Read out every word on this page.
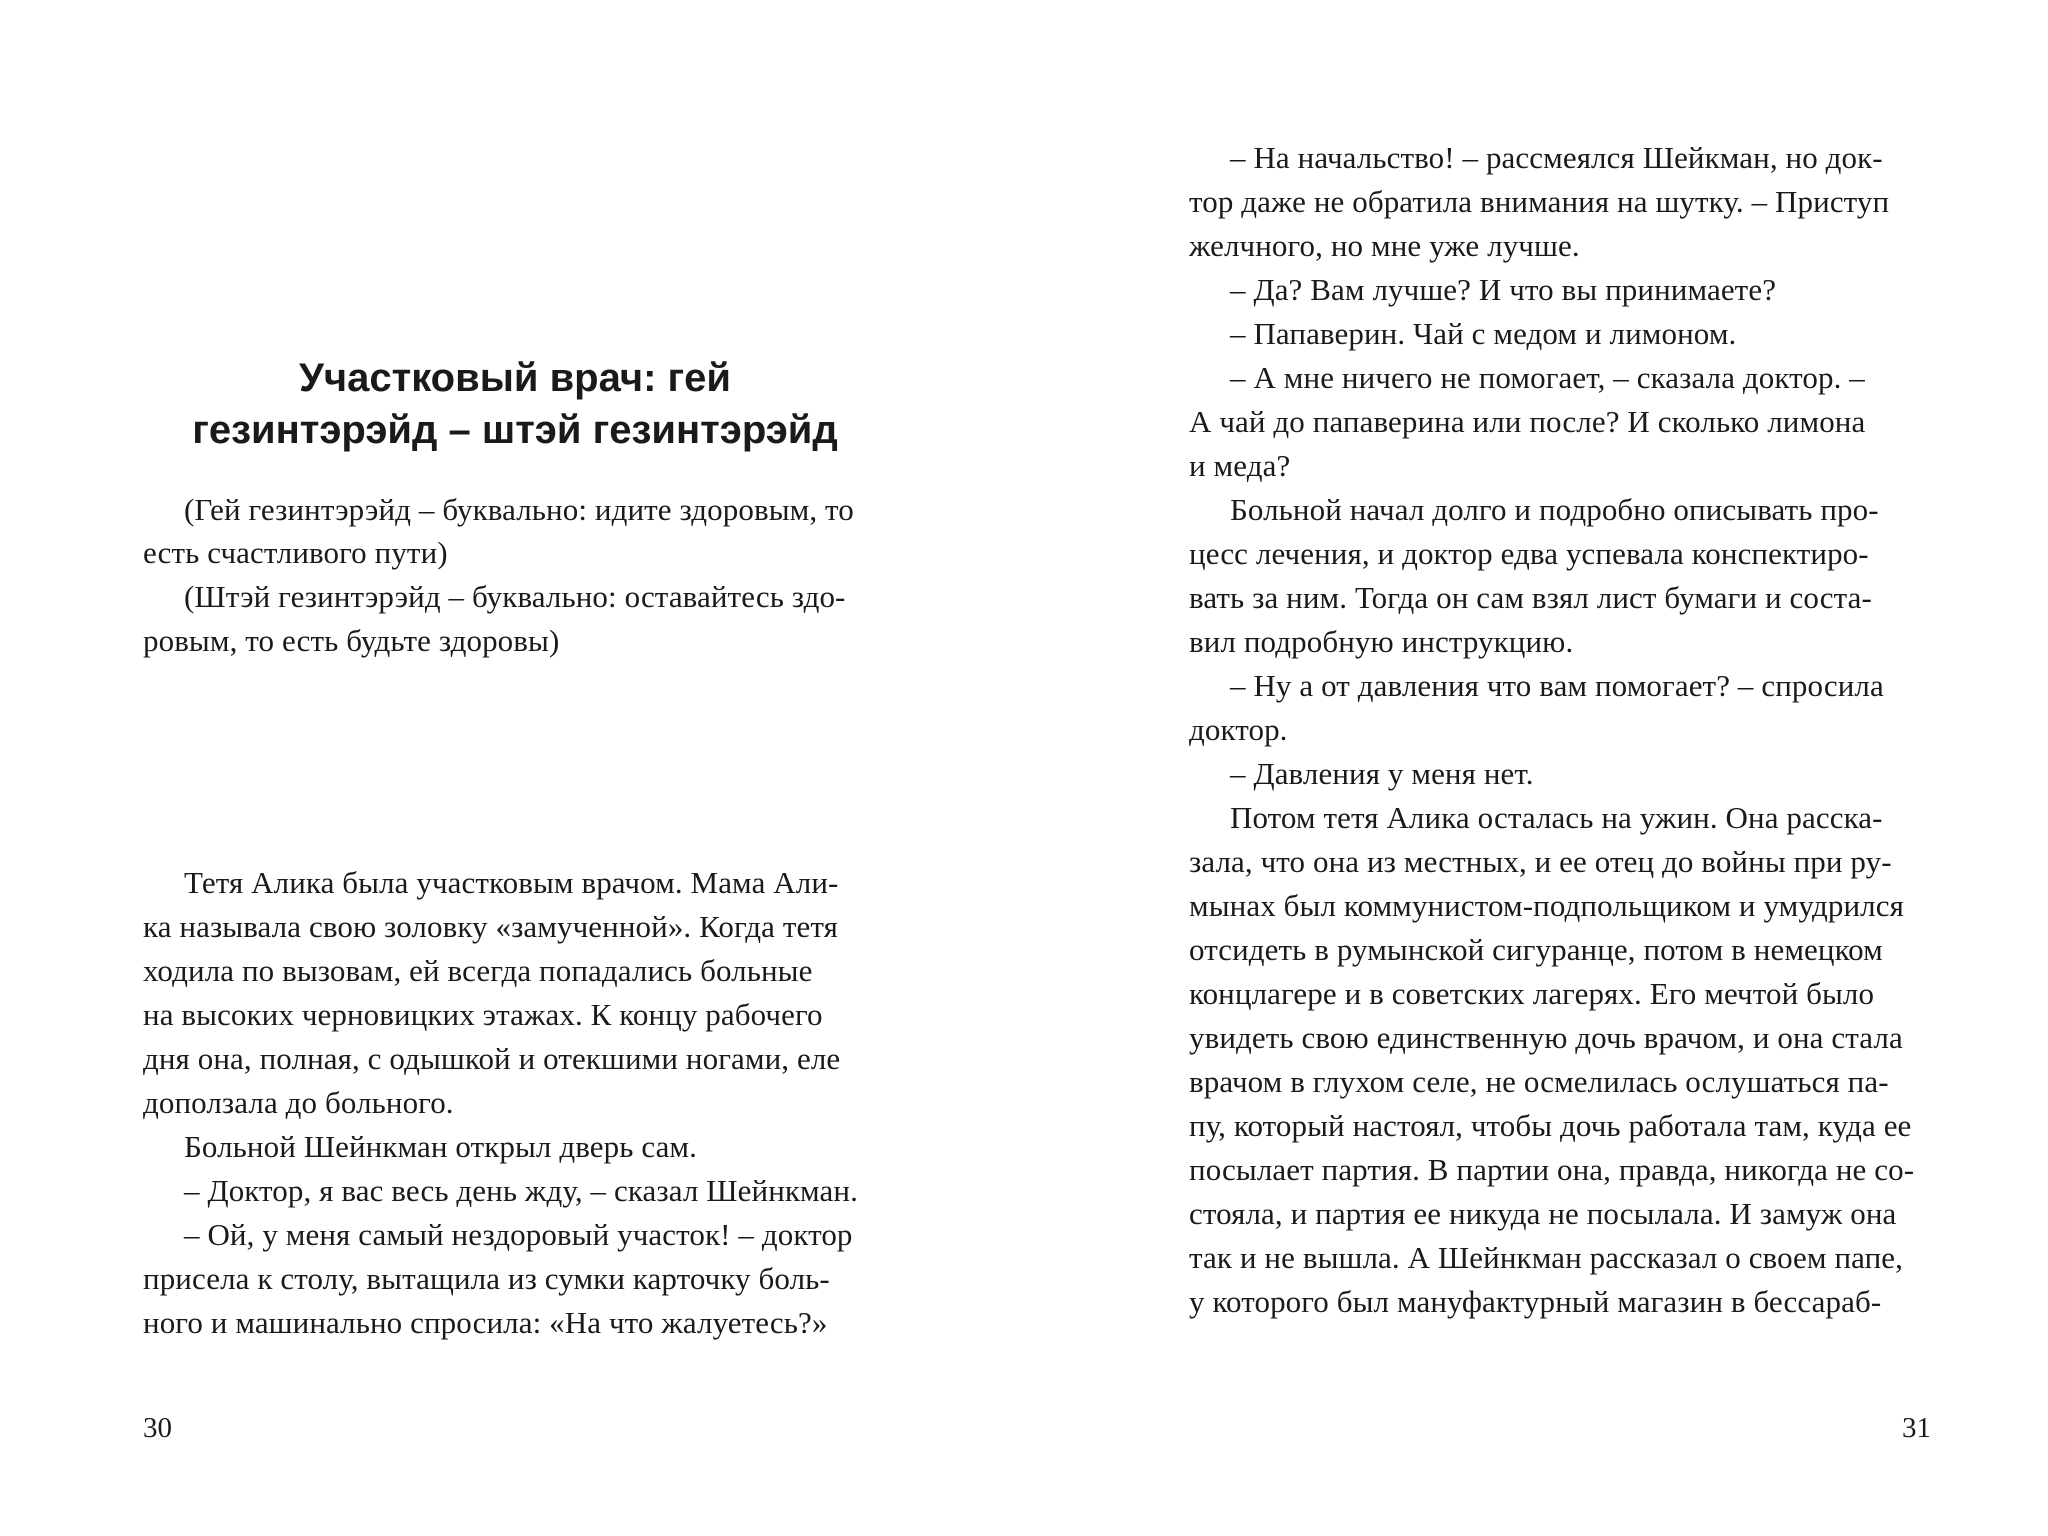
Участковый врач: гей
гезинтэрэйд – штэй гезинтэрэйд
(Гей гезинтэрэйд – буквально: идите здоровым, то
есть счастливого пути)
(Штэй гезинтэрэйд – буквально: оставайтесь здо-
ровым, то есть будьте здоровы)
Тетя Алика была участковым врачом. Мама Али-
ка называла свою золовку «замученной». Когда тетя
ходила по вызовам, ей всегда попадались больные
на высоких черновицких этажах. К концу рабочего
дня она, полная, с одышкой и отекшими ногами, еле
доползала до больного.
Больной Шейнкман открыл дверь сам.
– Доктор, я вас весь день жду, – сказал Шейнкман.
– Ой, у меня самый нездоровый участок! – доктор
присела к столу, вытащила из сумки карточку боль-
ного и машинально спросила: «На что жалуетесь?»
30
– На начальство! – рассмеялся Шейкман, но док-
тор даже не обратила внимания на шутку. – Приступ
желчного, но мне уже лучше.
– Да? Вам лучше? И что вы принимаете?
– Папаверин. Чай с медом и лимоном.
– А мне ничего не помогает, – сказала доктор. –
А чай до папаверина или после? И сколько лимона
и меда?
Больной начал долго и подробно описывать про-
цесс лечения, и доктор едва успевала конспектиро-
вать за ним. Тогда он сам взял лист бумаги и соста-
вил подробную инструкцию.
– Ну а от давления что вам помогает? – спросила
доктор.
– Давления у меня нет.
Потом тетя Алика осталась на ужин. Она расска-
зала, что она из местных, и ее отец до войны при ру-
мынах был коммунистом-подпольщиком и умудрился
отсидеть в румынской сигуранце, потом в немецком
концлагере и в советских лагерях. Его мечтой было
увидеть свою единственную дочь врачом, и она стала
врачом в глухом селе, не осмелилась ослушаться па-
пу, который настоял, чтобы дочь работала там, куда ее
посылает партия. В партии она, правда, никогда не со-
стояла, и партия ее никуда не посылала. И замуж она
так и не вышла. А Шейнкман рассказал о своем папе,
у которого был мануфактурный магазин в бессараб-
31
